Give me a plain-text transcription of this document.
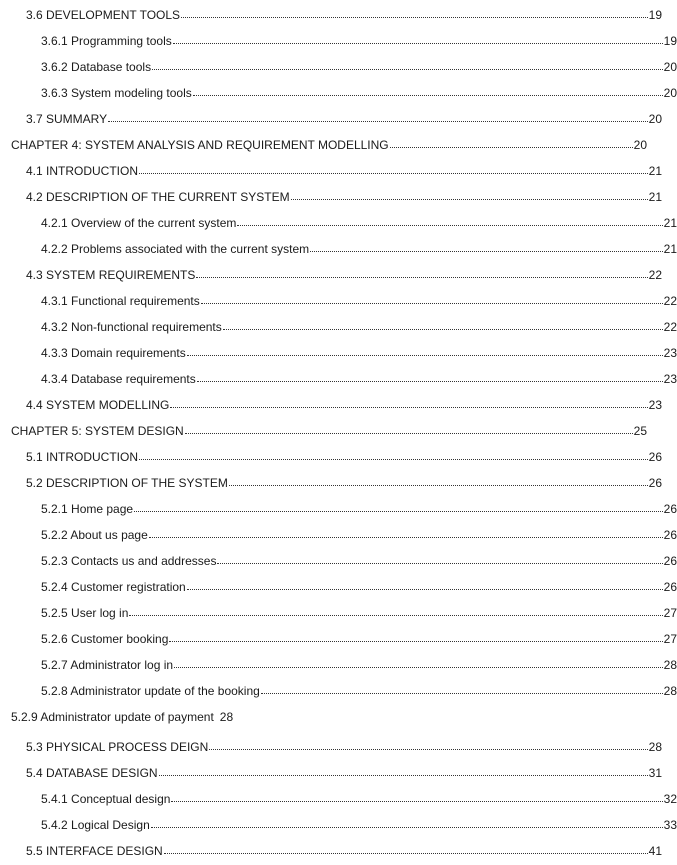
3.6 DEVELOPMENT TOOLS	19
3.6.1 Programming tools	19
3.6.2 Database tools	20
3.6.3 System modeling tools	20
3.7 SUMMARY	20
CHAPTER 4: SYSTEM ANALYSIS AND REQUIREMENT MODELLING	20
4.1 INTRODUCTION	21
4.2 DESCRIPTION OF THE CURRENT SYSTEM	21
4.2.1 Overview of the current system	21
4.2.2 Problems associated with the current system	21
4.3 SYSTEM REQUIREMENTS	22
4.3.1 Functional requirements	22
4.3.2 Non-functional requirements	22
4.3.3 Domain requirements	23
4.3.4 Database requirements	23
4.4 SYSTEM MODELLING	23
CHAPTER 5: SYSTEM DESIGN	25
5.1 INTRODUCTION	26
5.2 DESCRIPTION OF THE SYSTEM	26
5.2.1 Home page	26
5.2.2 About us page	26
5.2.3 Contacts us and addresses	26
5.2.4 Customer registration	26
5.2.5 User log in	27
5.2.6 Customer booking	27
5.2.7 Administrator log in	28
5.2.8 Administrator update of the booking	28
5.2.9 Administrator update of payment 28
5.3 PHYSICAL PROCESS DEIGN	28
5.4 DATABASE DESIGN	31
5.4.1 Conceptual design	32
5.4.2 Logical Design	33
5.5 INTERFACE DESIGN	41
